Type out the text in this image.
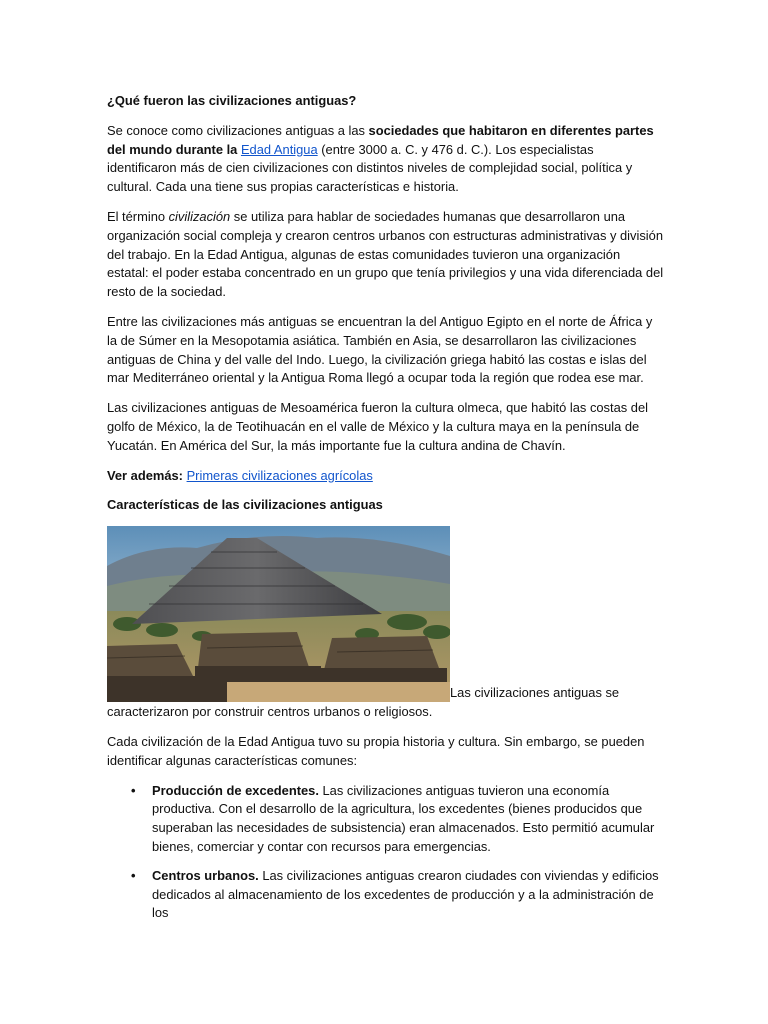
¿Qué fueron las civilizaciones antiguas?

Se conoce como civilizaciones antiguas a las sociedades que habitaron en diferentes partes del mundo durante la Edad Antigua (entre 3000 a. C. y 476 d. C.). Los especialistas identificaron más de cien civilizaciones con distintos niveles de complejidad social, política y cultural. Cada una tiene sus propias características e historia.

El término civilización se utiliza para hablar de sociedades humanas que desarrollaron una organización social compleja y crearon centros urbanos con estructuras administrativas y división del trabajo. En la Edad Antigua, algunas de estas comunidades tuvieron una organización estatal: el poder estaba concentrado en un grupo que tenía privilegios y una vida diferenciada del resto de la sociedad.

Entre las civilizaciones más antiguas se encuentran la del Antiguo Egipto en el norte de África y la de Súmer en la Mesopotamia asiática. También en Asia, se desarrollaron las civilizaciones antiguas de China y del valle del Indo. Luego, la civilización griega habitó las costas e islas del mar Mediterráneo oriental y la Antigua Roma llegó a ocupar toda la región que rodea ese mar.

Las civilizaciones antiguas de Mesoamérica fueron la cultura olmeca, que habitó las costas del golfo de México, la de Teotihuacán en el valle de México y la cultura maya en la península de Yucatán. En América del Sur, la más importante fue la cultura andina de Chavín.

Ver además: Primeras civilizaciones agrícolas

Características de las civilizaciones antiguas

Las civilizaciones antiguas se caracterizaron por construir centros urbanos o religiosos.

Cada civilización de la Edad Antigua tuvo su propia historia y cultura. Sin embargo, se pueden identificar algunas características comunes:

• Producción de excedentes. Las civilizaciones antiguas tuvieron una economía productiva. Con el desarrollo de la agricultura, los excedentes (bienes producidos que superaban las necesidades de subsistencia) eran almacenados. Esto permitió acumular bienes, comerciar y contar con recursos para emergencias.
• Centros urbanos. Las civilizaciones antiguas crearon ciudades con viviendas y edificios dedicados al almacenamiento de los excedentes de producción y a la administración de los
